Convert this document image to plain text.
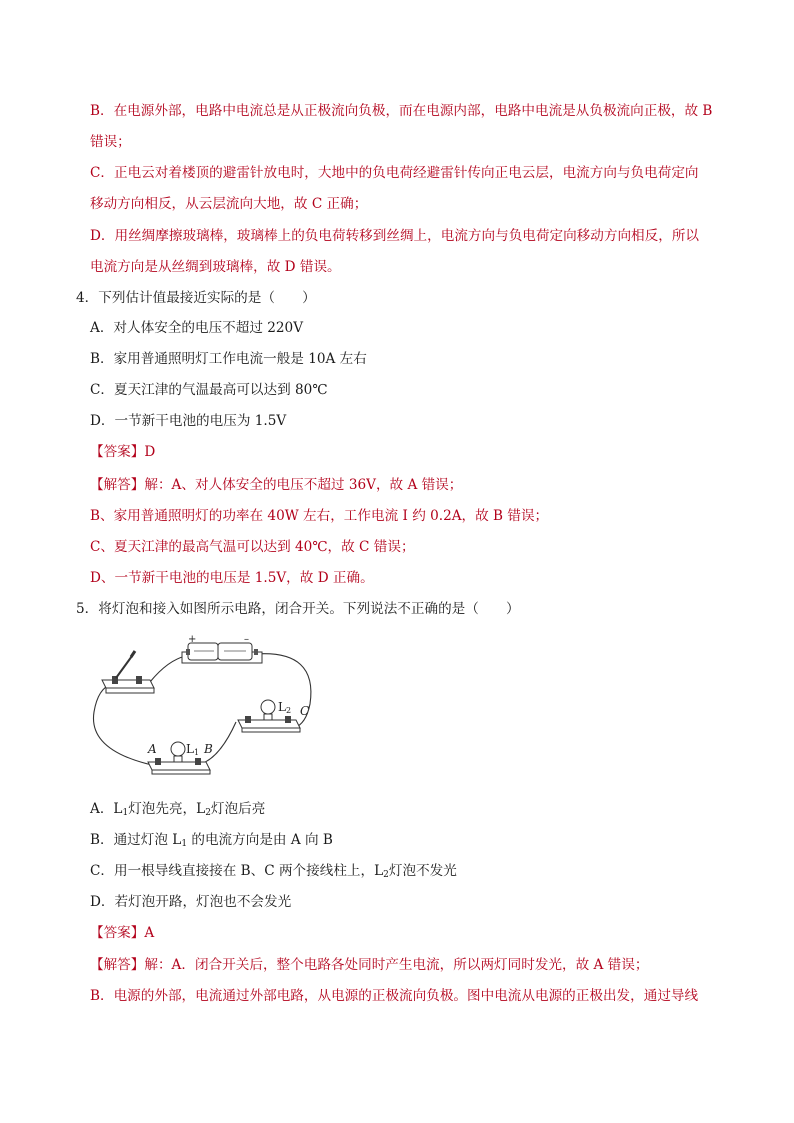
B．在电源外部，电路中电流总是从正极流向负极，而在电源内部，电路中电流是从负极流向正极，故 B
错误；
C．正电云对着楼顶的避雷针放电时，大地中的负电荷经避雷针传向正电云层，电流方向与负电荷定向
移动方向相反，从云层流向大地，故 C 正确；
D．用丝绸摩擦玻璃棒，玻璃棒上的负电荷转移到丝绸上，电流方向与负电荷定向移动方向相反，所以
电流方向是从丝绸到玻璃棒，故 D 错误。
4．下列估计值最接近实际的是（　　）
A．对人体安全的电压不超过 220V
B．家用普通照明灯工作电流一般是 10A 左右
C．夏天江津的气温最高可以达到 80℃
D．一节新干电池的电压为 1.5V
【答案】D
【解答】解：A、对人体安全的电压不超过 36V，故 A 错误；
B、家用普通照明灯的功率在 40W 左右，工作电流 I 约 0.2A，故 B 错误；
C、夏天江津的最高气温可以达到 40℃，故 C 错误；
D、一节新干电池的电压是 1.5V，故 D 正确。
5．将灯泡和接入如图所示电路，闭合开关。下列说法不正确的是（　　）
+	–
L2 C
A L1 B
A．$L_1$灯泡先亮，$L_2$灯泡后亮
B．通过灯泡 $L_1$ 的电流方向是由 A 向 B
C．用一根导线直接接在 B、C 两个接线柱上，$L_2$灯泡不发光
D．若灯泡开路，灯泡也不会发光
【答案】A
【解答】解：A．闭合开关后，整个电路各处同时产生电流，所以两灯同时发光，故 A 错误；
B．电源的外部，电流通过外部电路，从电源的正极流向负极。图中电流从电源的正极出发，通过导线
